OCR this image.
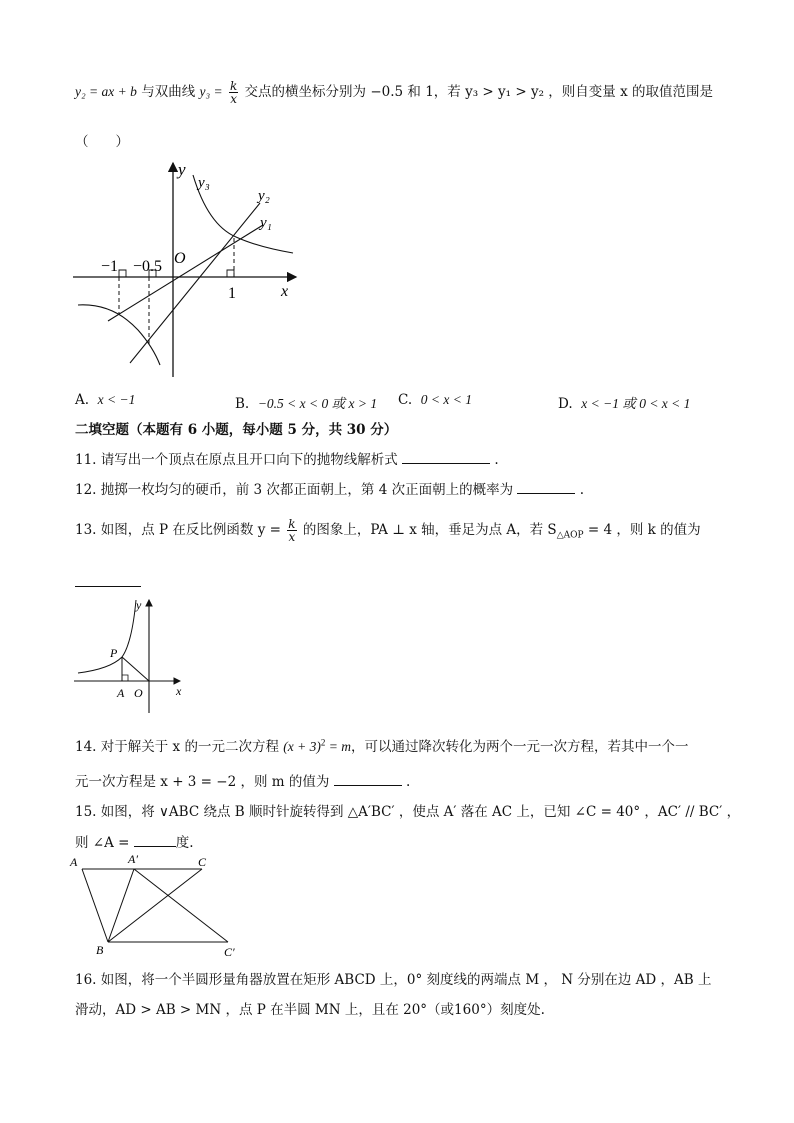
y₂ = ax + b 与双曲线 $y_3 = \frac{k}{x}$ 交点的横坐标分别为 −0.5 和 1，若 y₃ > y₁ > y₂ ，则自变量 x 的取值范围是
（　　）
y
y₃
y₂
y₁
O
−1 −0.5
1	x
A. x < −1	B. −0.5 < x < 0 或 x > 1 C. 0 < x < 1	D. x < −1 或 0 < x < 1
二填空题（本题有 6 小题，每小题 5 分，共 30 分）
11. 请写出一个顶点在原点且开口向下的抛物线解析式	.
12. 抛掷一枚均匀的硬币，前 3 次都正面朝上，第 4 次正面朝上的概率为	.
13. 如图，点 P 在反比例函数 $y = \frac{k}{x}$ 的图象上，PA ⊥ x 轴，垂足为点 A，若 $S_{\triangle AOP} = 4$ ，则 k 的值为
y
P
A O	x
14. 对于解关于 x 的一元二次方程 $(x + 3)^2 = m$，可以通过降次转化为两个一元一次方程，若其中一个一
元一次方程是 x + 3 = −2 ，则 m 的值为	.
15. 如图，将 ∨ABC 绕点 B 顺时针旋转得到 △A′BC′ ，使点 A′ 落在 AC 上，已知 ∠C = 40° ，AC′ // BC′ ，
则 ∠A =	度.
A	A′	C
B	C′
16. 如图，将一个半圆形量角器放置在矩形 ABCD 上，0° 刻度线的两端点 M ， N 分别在边 AD ，AB 上
滑动，AD > AB > MN ，点 P 在半圆 MN 上，且在 20°（或160°）刻度处.
